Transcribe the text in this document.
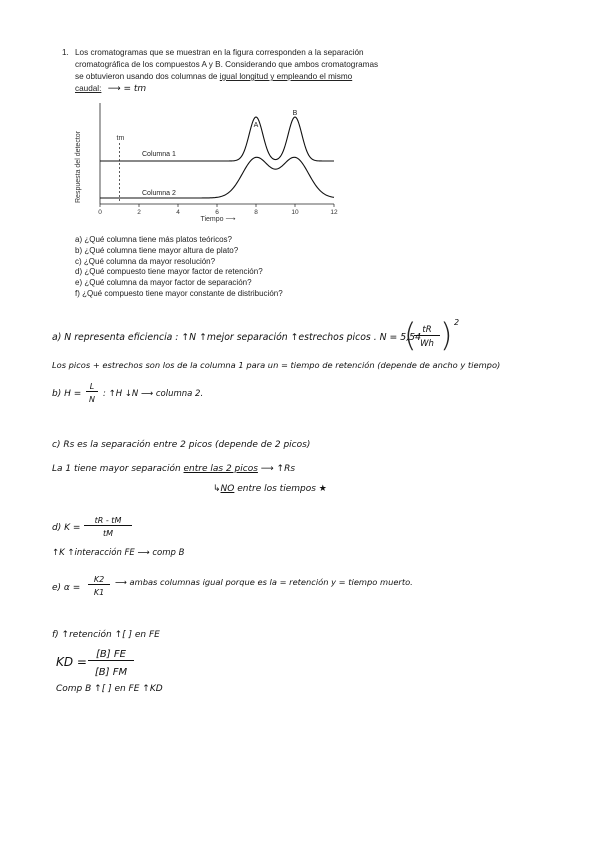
1. Los cromatogramas que se muestran en la figura corresponden a la separación
cromatográfica de los compuestos A y B. Considerando que ambos cromatogramas
se obtuvieron usando dos columnas de igual longitud y empleando el mismo
caudal: ⟶ = tm
Respuesta del detector
Tiempo ⟶
0	2	4	6	8	10	12
tm
Columna 1
Columna 2
A
B
a) ¿Qué columna tiene más platos teóricos?
b) ¿Qué columna tiene mayor altura de plato?
c) ¿Qué columna da mayor resolución?
d) ¿Qué compuesto tiene mayor factor de retención?
e) ¿Qué columna da mayor factor de separación?
f) ¿Qué compuesto tiene mayor constante de distribución?
a) N representa eficiencia : ↑N ↑mejor separación ↑estrechos picos . N = 5,54
( tR
Wh ) 2
Los picos + estrechos son los de la columna 1 para un = tiempo de retención (depende de ancho y tiempo)
b) H =
L
N
: ↑H ↓N ⟶ columna 2.
c) Rs es la separación entre 2 picos (depende de 2 picos)
La 1 tiene mayor separación entre las 2 picos ⟶ ↑Rs
↳NO entre los tiempos ★
d) K =
tR - tM
tM
↑K ↑interacción FE ⟶ comp B
e) α =
K2
K1
⟶ ambas columnas igual porque es la = retención y = tiempo muerto.
f) ↑retención ↑[ ] en FE
KD =
[B] FE
[B] FM
Comp B ↑[ ] en FE ↑KD
